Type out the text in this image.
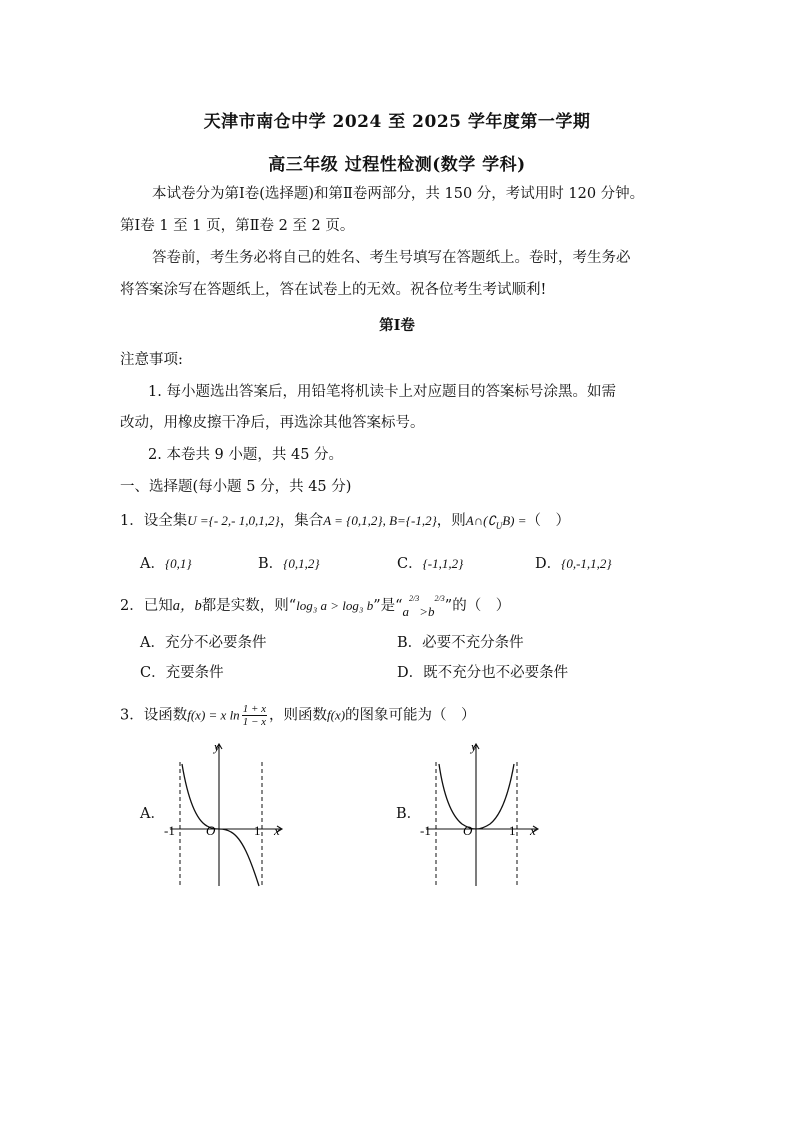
天津市南仓中学 2024 至 2025 学年度第一学期
高三年级 过程性检测(数学 学科)
本试卷分为第Ⅰ卷(选择题)和第Ⅱ卷两部分，共 150 分，考试用时 120 分钟。
第Ⅰ卷 1 至 1 页，第Ⅱ卷 2 至 2 页。
答卷前，考生务必将自己的姓名、考生号填写在答题纸上。卷时，考生务必
将答案涂写在答题纸上，答在试卷上的无效。祝各位考生考试顺利!
第Ⅰ卷
注意事项:
1. 每小题选出答案后，用铅笔将机读卡上对应题目的答案标号涂黑。如需
改动，用橡皮擦干净后，再选涂其他答案标号。
2. 本卷共 9 小题，共 45 分。
一、选择题(每小题 5 分，共 45 分)
1．设全集U ={- 2,- 1,0,1,2}，集合A = {0,1,2}, B={-1,2}，则$A\cap(∁_UB)$ =（　）
A．{0,1}	B．{0,1,2}	C．{-1,1,2}	D．{0,-1,1,2}
2．已知a，b都是实数，则“log₃ a > log₃ b”是“$a^{2/3}>b^{2/3}$”的（　）
A．充分不必要条件	B．必要不充分条件
C．充要条件	D．既不充分也不必要条件
3．设函数f(x) = x $\ln \frac{1 + x}{1 - x}$ ，则函数f(x)的图象可能为（　）
A．
y
x
O
-1	1
B．
y
x
O
-1	1
